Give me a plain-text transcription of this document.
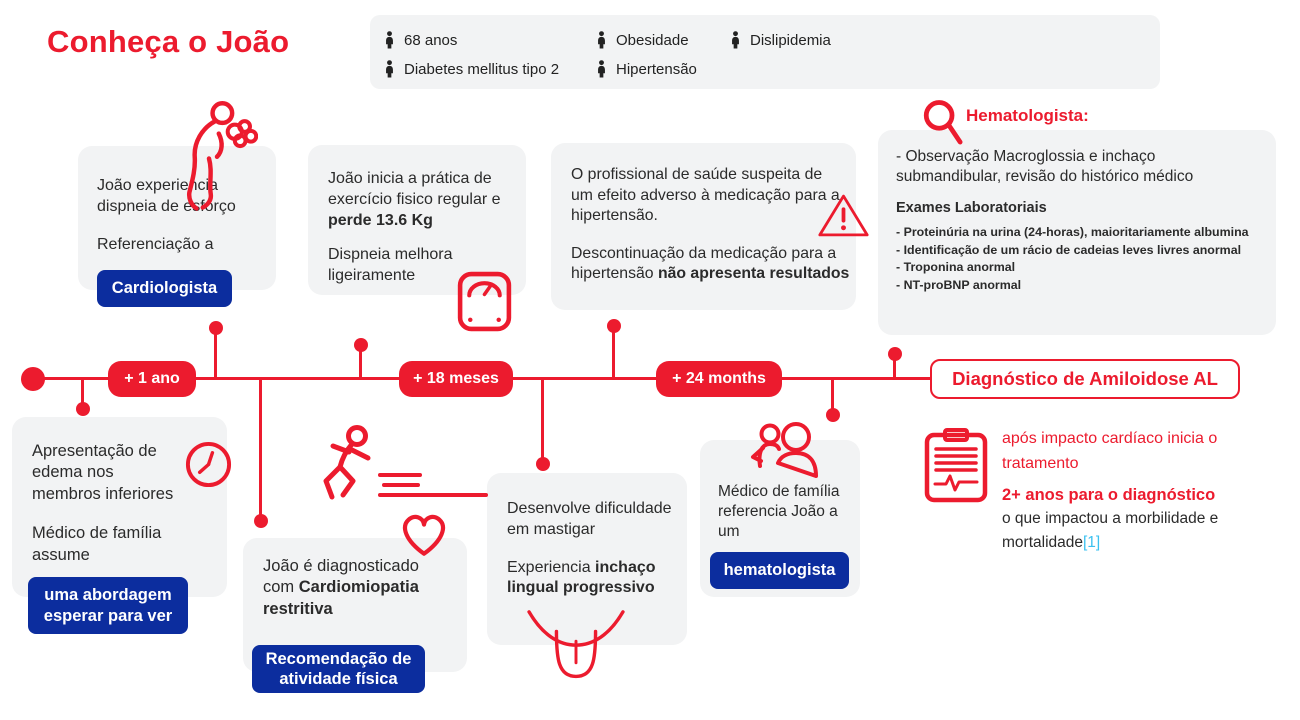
Conheça o João	68 anos
Diabetes mellitus tipo 2
Obesidade
Hipertensão
Dislipidemia
+ 1 ano	+ 18 meses	+ 24 months	Diagnóstico de Amiloidose AL

João experiencia dispneia de esforço

Referenciação a

Cardiologista

João inicia a prática de exercício fisico regular e perde 13.6 Kg

Dispneia melhora ligeiramente

O profissional de saúde suspeita de um efeito adverso à medicação para a hipertensão.

Descontinuação da medicação para a hipertensão não apresenta resultados

Hematologista:

- Observação Macroglossia e inchaço submandibular, revisão do histórico médico

Exames Laboratoriais

- Proteinúria na urina (24-horas), maioritariamente albumina
- Identificação de um rácio de cadeias leves livres anormal
- Troponina anormal
- NT-proBNP anormal

Apresentação de edema nos membros inferiores

Médico de família assume

uma abordagem esperar para ver

João é diagnosticado com Cardiomiopatia restritiva

Recomendação de atividade física

Desenvolve dificuldade em mastigar

Experiencia inchaço lingual progressivo

Médico de família referencia João a um

hematologista
após impacto cardíaco inicia o tratamento
2+ anos para o diagnóstico
o que impactou a morbilidade e mortalidade[1]
